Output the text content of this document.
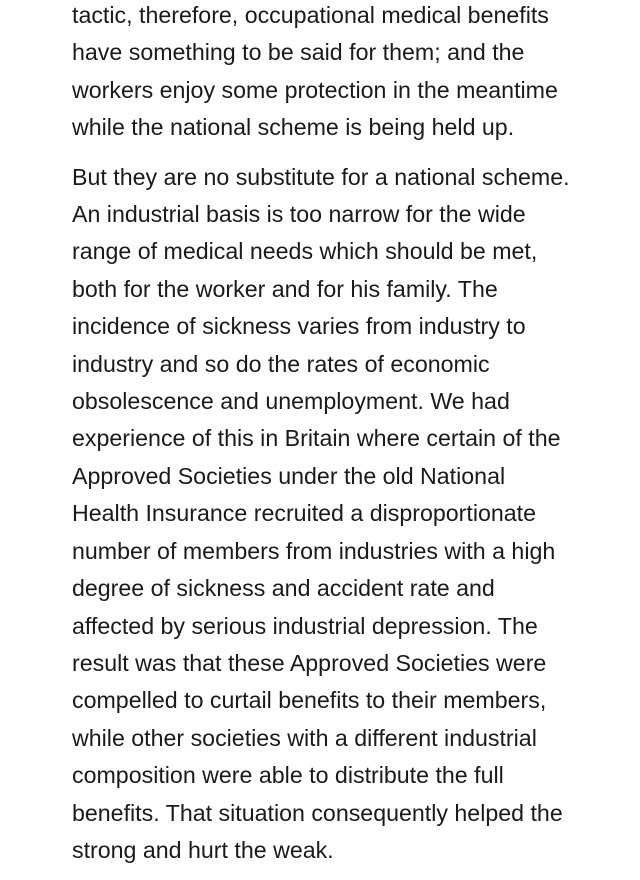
tactic, therefore, occupational medical benefits
have something to be said for them; and the
workers enjoy some protection in the meantime
while the national scheme is being held up.

But they are no substitute for a national scheme.
An industrial basis is too narrow for the wide
range of medical needs which should be met,
both for the worker and for his family. The
incidence of sickness varies from industry to
industry and so do the rates of economic
obsolescence and unemployment. We had
experience of this in Britain where certain of the
Approved Societies under the old National
Health Insurance recruited a disproportionate
number of members from industries with a high
degree of sickness and accident rate and
affected by serious industrial depression. The
result was that these Approved Societies were
compelled to curtail benefits to their members,
while other societies with a different industrial
composition were able to distribute the full
benefits. That situation consequently helped the
strong and hurt the weak.
